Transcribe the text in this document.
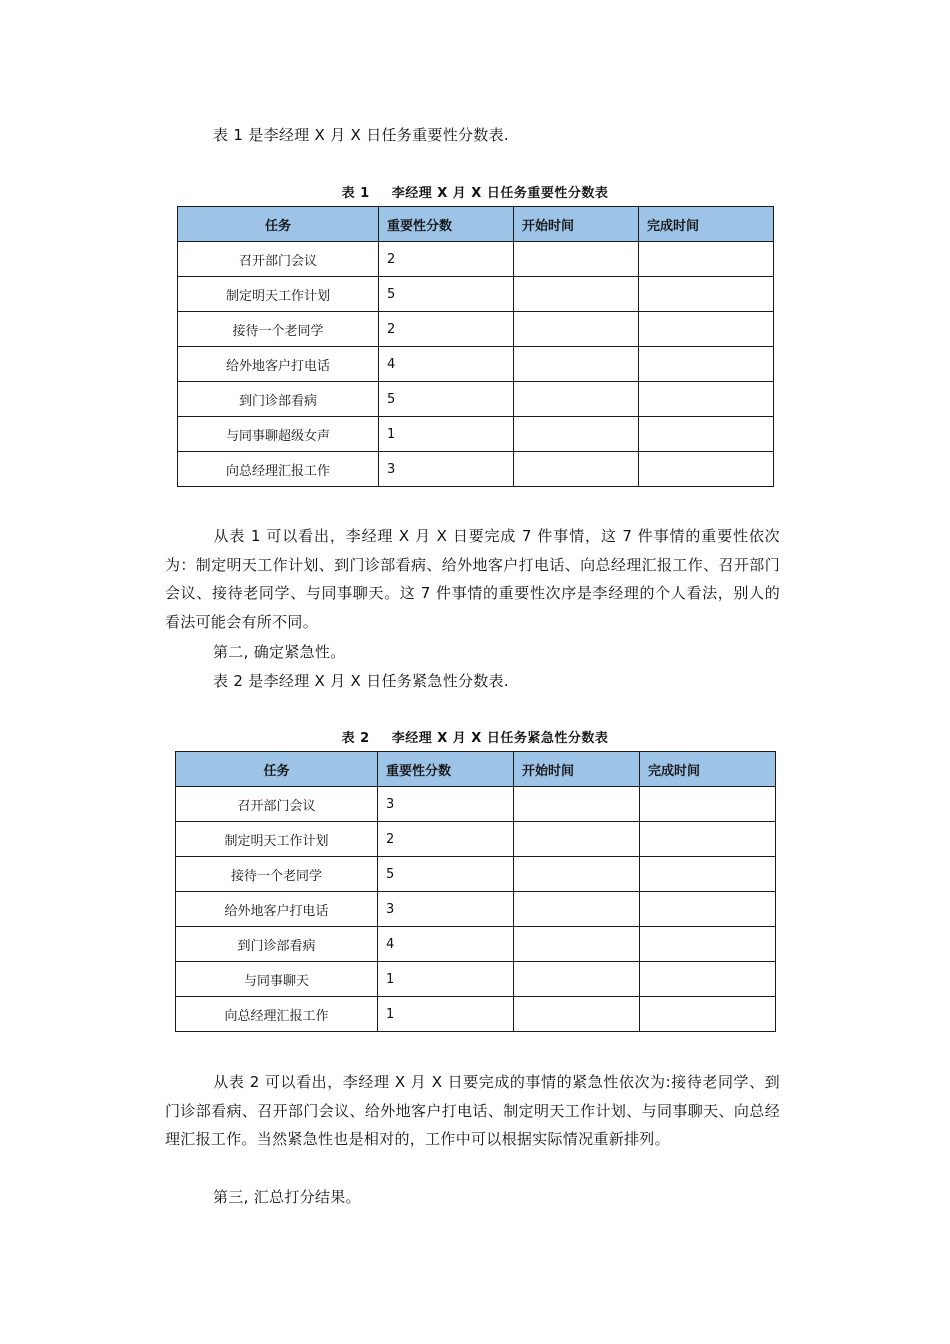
表 1 是李经理 X 月 X 日任务重要性分数表.
表 1 李经理 X 月 X 日任务重要性分数表
任务	重要性分数	开始时间	完成时间
召开部门会议	2		
制定明天工作计划	5		
接待一个老同学	2		
给外地客户打电话	4		
到门诊部看病	5		
与同事聊超级女声	1		
向总经理汇报工作	3		
从表 1 可以看出，李经理 X 月 X 日要完成 7 件事情，这 7 件事情的重要性依次为：制定明天工作计划、到门诊部看病、给外地客户打电话、向总经理汇报工作、召开部门会议、接待老同学、与同事聊天。这 7 件事情的重要性次序是李经理的个人看法，别人的看法可能会有所不同。
第二, 确定紧急性。
表 2 是李经理 X 月 X 日任务紧急性分数表.
表 2 李经理 X 月 X 日任务紧急性分数表
任务	重要性分数	开始时间	完成时间
召开部门会议	3		
制定明天工作计划	2		
接待一个老同学	5		
给外地客户打电话	3		
到门诊部看病	4		
与同事聊天	1		
向总经理汇报工作	1		
从表 2 可以看出，李经理 X 月 X 日要完成的事情的紧急性依次为:接待老同学、到门诊部看病、召开部门会议、给外地客户打电话、制定明天工作计划、与同事聊天、向总经理汇报工作。当然紧急性也是相对的，工作中可以根据实际情况重新排列。
第三, 汇总打分结果。
